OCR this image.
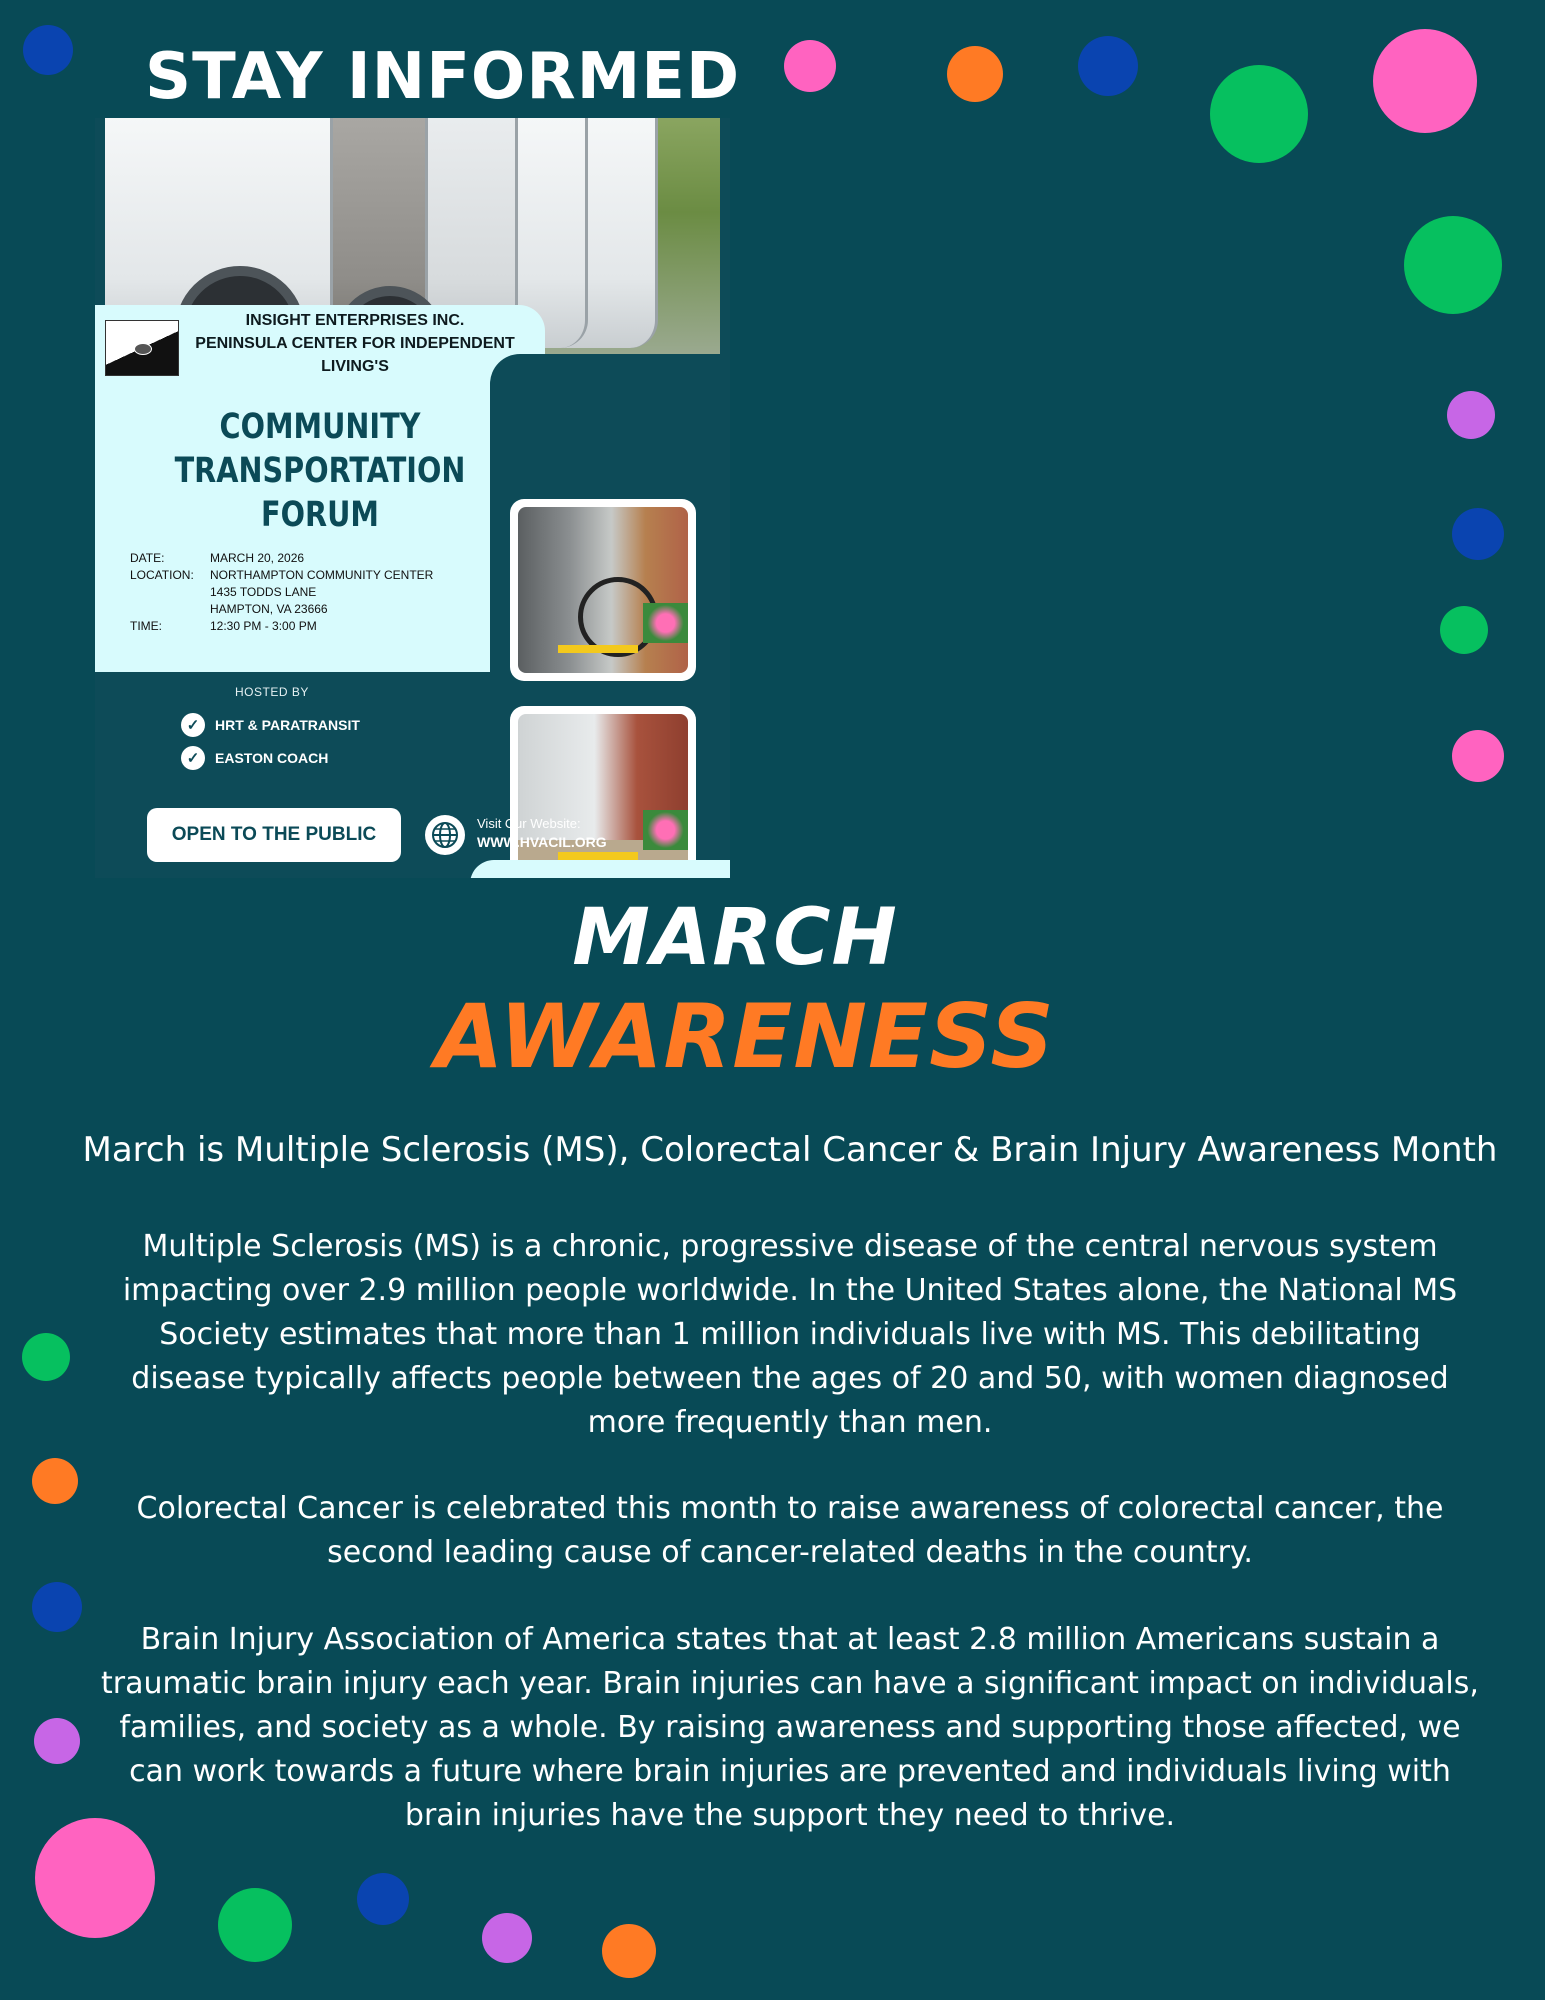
STAY INFORMED
INSIGHT ENTERPRISES INC.
PENINSULA CENTER FOR INDEPENDENT
LIVING'S
COMMUNITY
TRANSPORTATION
FORUM
DATE:	MARCH 20, 2026
LOCATION:	NORTHAMPTON COMMUNITY CENTER
1435 TODDS LANE
HAMPTON, VA 23666
TIME:	12:30 PM - 3:00 PM
HOSTED BY
✓	HRT & PARATRANSIT
✓	EASTON COACH
OPEN TO THE PUBLIC
Visit Our Website:
WWW.HVACIL.ORG
MARCH
AWARENESS

March is Multiple Sclerosis (MS), Colorectal Cancer & Brain Injury Awareness Month

Multiple Sclerosis (MS) is a chronic, progressive disease of the central nervous system impacting over 2.9 million people worldwide. In the United States alone, the National MS Society estimates that more than 1 million individuals live with MS. This debilitating disease typically affects people between the ages of 20 and 50, with women diagnosed more frequently than men.

Colorectal Cancer is celebrated this month to raise awareness of colorectal cancer, the second leading cause of cancer-related deaths in the country.

Brain Injury Association of America states that at least 2.8 million Americans sustain a traumatic brain injury each year. Brain injuries can have a significant impact on individuals, families, and society as a whole. By raising awareness and supporting those affected, we can work towards a future where brain injuries are prevented and individuals living with brain injuries have the support they need to thrive.
